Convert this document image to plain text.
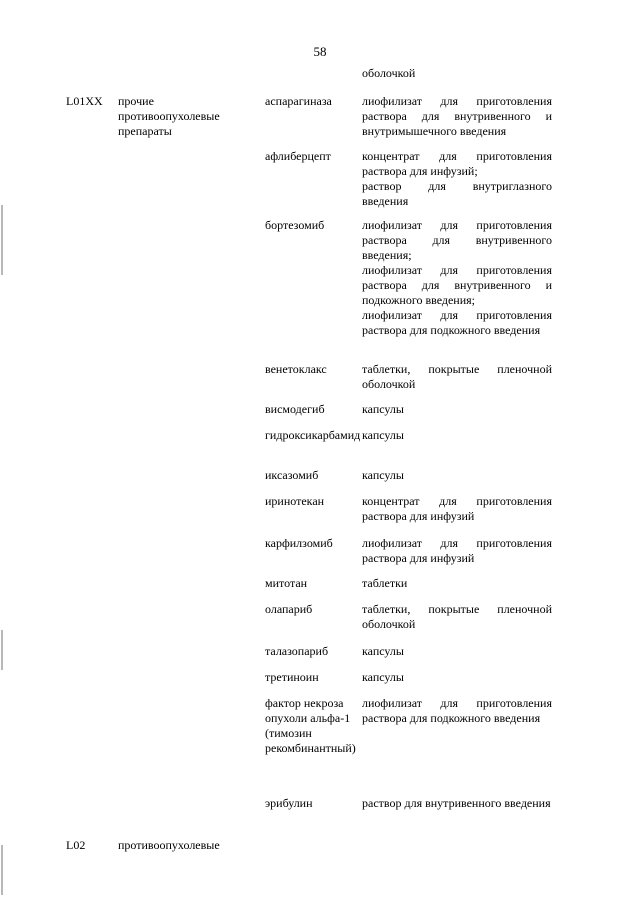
58
оболочкой
L01XX	прочие противоопухолевые препараты
аспарагиназа
афлиберцепт
бортезомиб
венетоклакс
висмодегиб
гидроксикарбамид
иксазомиб
иринотекан
карфилзомиб
митотан
олапариб
талазопариб
третиноин
фактор некроза опухоли альфа-1 (тимозин рекомбинантный)
эрибулин
лиофилизат для приготовления раствора для внутривенного и внутримышечного введения
концентрат для приготовления раствора для инфузий;
раствор для внутриглазного введения
лиофилизат для приготовления раствора для внутривенного введения;
лиофилизат для приготовления раствора для внутривенного и подкожного введения;
лиофилизат для приготовления раствора для подкожного введения
таблетки, покрытые пленочной оболочкой
капсулы
капсулы
капсулы
концентрат для приготовления раствора для инфузий
лиофилизат для приготовления раствора для инфузий
таблетки
таблетки, покрытые пленочной оболочкой
капсулы
капсулы
лиофилизат для приготовления раствора для подкожного введения
раствор для внутривенного введения
L02	противоопухолевые
